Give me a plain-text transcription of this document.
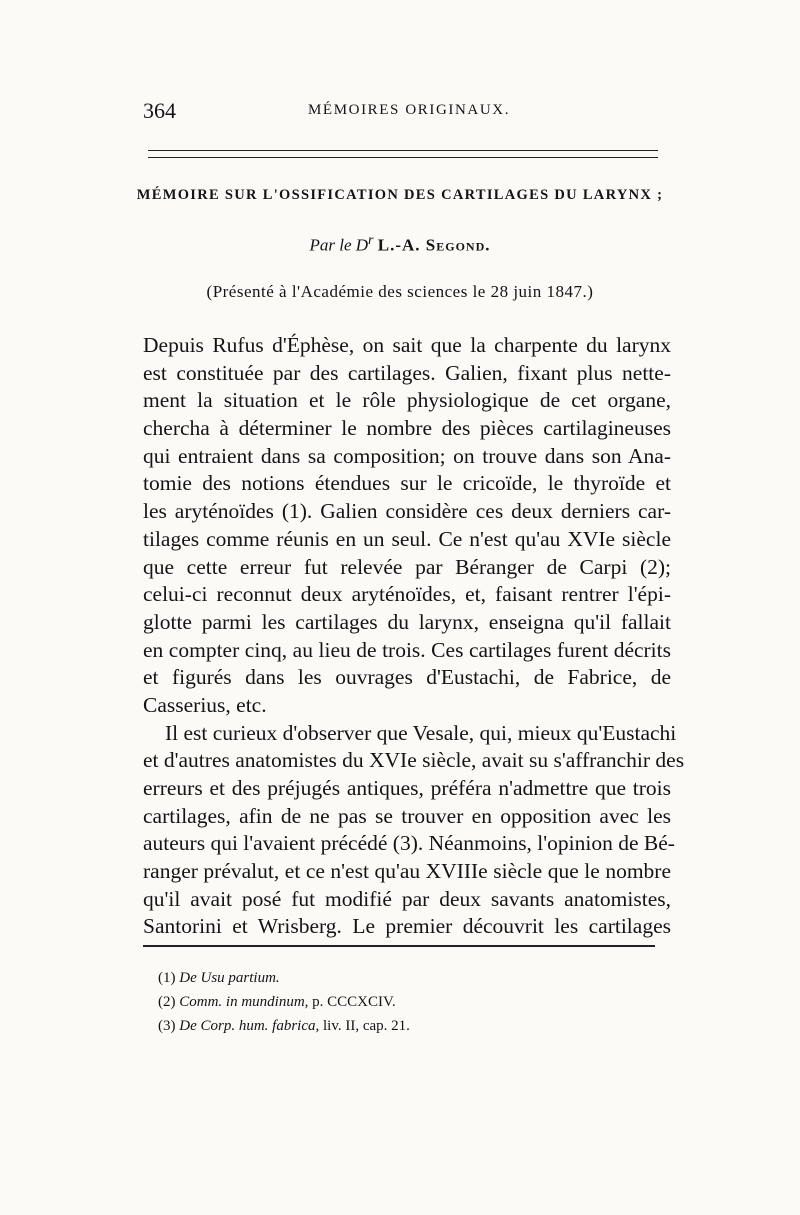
364	MÉMOIRES ORIGINAUX.
MÉMOIRE SUR L'OSSIFICATION DES CARTILAGES DU LARYNX ;
Par le $D^r$ L.-A. Segond.
(Présenté à l'Académie des sciences le 28 juin 1847.)
Depuis Rufus d'Éphèse, on sait que la charpente du larynx
est constituée par des cartilages. Galien, fixant plus nette-
ment la situation et le rôle physiologique de cet organe,
chercha à déterminer le nombre des pièces cartilagineuses
qui entraient dans sa composition; on trouve dans son Ana-
tomie des notions étendues sur le cricoïde, le thyroïde et
les aryténoïdes (1). Galien considère ces deux derniers car-
tilages comme réunis en un seul. Ce n'est qu'au XVIe siècle
que cette erreur fut relevée par Béranger de Carpi (2);
celui-ci reconnut deux aryténoïdes, et, faisant rentrer l'épi-
glotte parmi les cartilages du larynx, enseigna qu'il fallait
en compter cinq, au lieu de trois. Ces cartilages furent décrits
et figurés dans les ouvrages d'Eustachi, de Fabrice, de
Casserius, etc.
Il est curieux d'observer que Vesale, qui, mieux qu'Eustachi
et d'autres anatomistes du XVIe siècle, avait su s'affranchir des
erreurs et des préjugés antiques, préféra n'admettre que trois
cartilages, afin de ne pas se trouver en opposition avec les
auteurs qui l'avaient précédé (3). Néanmoins, l'opinion de Bé-
ranger prévalut, et ce n'est qu'au XVIIIe siècle que le nombre
qu'il avait posé fut modifié par deux savants anatomistes,
Santorini et Wrisberg. Le premier découvrit les cartilages
(1) De Usu partium.
(2) Comm. in mundinum, p. CCCXCIV.
(3) De Corp. hum. fabrica, liv. II, cap. 21.
